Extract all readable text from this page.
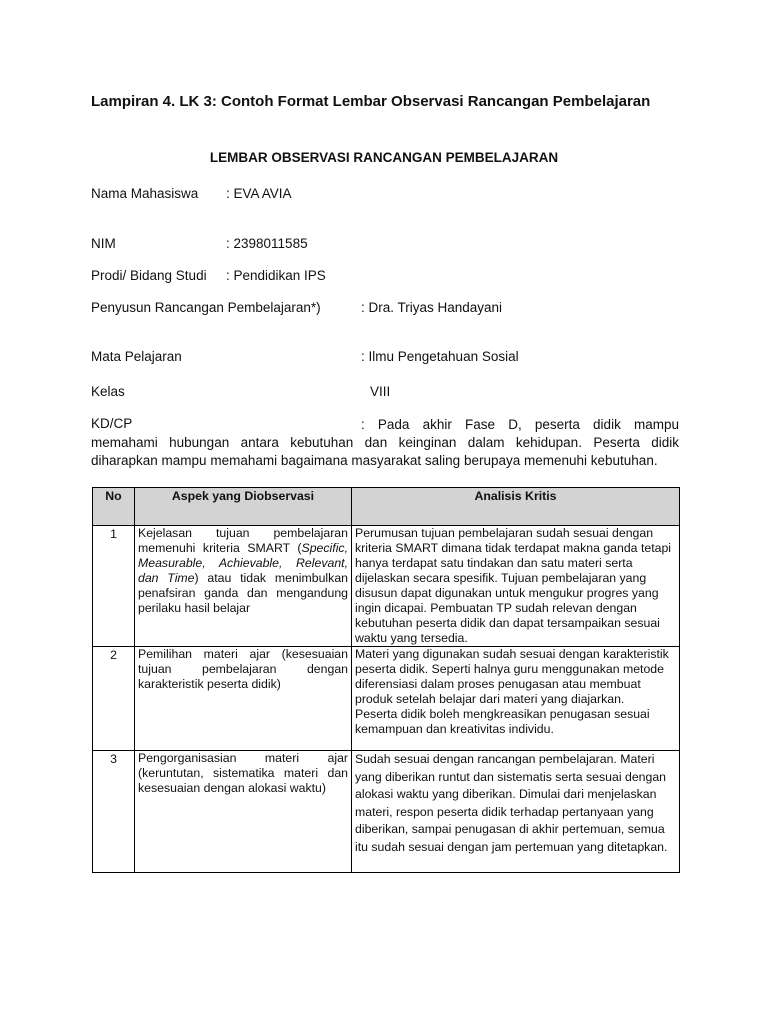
Lampiran 4. LK 3: Contoh Format Lembar Observasi Rancangan Pembelajaran
LEMBAR OBSERVASI RANCANGAN PEMBELAJARAN
Nama Mahasiswa : EVA AVIA
NIM	: 2398011585
Prodi/ Bidang Studi : Pendidikan IPS
Penyusun Rancangan Pembelajaran*)	: Dra. Triyas Handayani
Mata Pelajaran	: Ilmu Pengetahuan Sosial
Kelas	VIII
KD/CP	: Pada akhir Fase D, peserta didik mampu memahami hubungan antara kebutuhan dan keinginan dalam kehidupan. Peserta didik diharapkan mampu memahami bagaimana masyarakat saling berupaya memenuhi kebutuhan.
No	Aspek yang Diobservasi	Analisis Kritis
1	Kejelasan tujuan pembelajaran memenuhi kriteria SMART (Specific, Measurable, Achievable, Relevant, dan Time) atau tidak menimbulkan penafsiran ganda dan mengandung perilaku hasil belajar	Perumusan tujuan pembelajaran sudah sesuai dengan kriteria SMART dimana tidak terdapat makna ganda tetapi hanya terdapat satu tindakan dan satu materi serta dijelaskan secara spesifik. Tujuan pembelajaran yang disusun dapat digunakan untuk mengukur progres yang ingin dicapai. Pembuatan TP sudah relevan dengan kebutuhan peserta didik dan dapat tersampaikan sesuai waktu yang tersedia.
2	Pemilihan materi ajar (kesesuaian tujuan pembelajaran dengan karakteristik peserta didik)	Materi yang digunakan sudah sesuai dengan karakteristik peserta didik. Seperti halnya guru menggunakan metode diferensiasi dalam proses penugasan atau membuat produk setelah belajar dari materi yang diajarkan.
Peserta didik boleh mengkreasikan penugasan sesuai kemampuan dan kreativitas individu.

3	Pengorganisasian materi ajar (keruntutan, sistematika materi dan kesesuaian dengan alokasi waktu)	Sudah sesuai dengan rancangan pembelajaran. Materi yang diberikan runtut dan sistematis serta sesuai dengan alokasi waktu yang diberikan. Dimulai dari menjelaskan materi, respon peserta didik terhadap pertanyaan yang diberikan, sampai penugasan di akhir pertemuan, semua itu sudah sesuai dengan jam pertemuan yang ditetapkan.
